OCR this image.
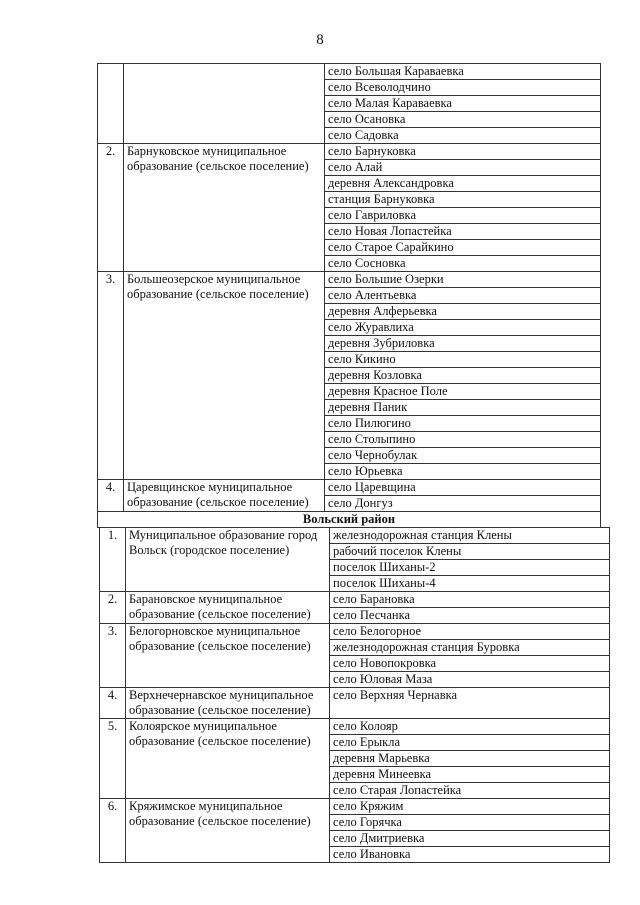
8
		село Большая Караваевка
		село Всеволодчино
		село Малая Караваевка
		село Осановка
		село Садовка
2.	Барнуковское муниципальное образование (сельское поселение)	село Барнуковка
		село Алай
		деревня Александровка
		станция Барнуковка
		село Гавриловка
		село Новая Лопастейка
		село Старое Сарайкино
		село Сосновка
3.	Большеозерское муниципальное образование (сельское поселение)	село Большие Озерки
		село Алентьевка
		деревня Алферьевка
		село Журавлиха
		деревня Зубриловка
		село Кикино
		деревня Козловка
		деревня Красное Поле
		деревня Паник
		село Пилюгино
		село Столыпино
		село Чернобулак
		село Юрьевка
4.	Царевщинское муниципальное образование (сельское поселение)	село Царевщина
		село Донгуз
Вольский район		
1.	Муниципальное образование город Вольск (городское поселение)	железнодорожная станция Клены
		рабочий поселок Клены
		поселок Шиханы-2
		поселок Шиханы-4
2.	Барановское муниципальное образование (сельское поселение)	село Барановка
		село Песчанка
3.	Белогорновское муниципальное образование (сельское поселение)	село Белогорное
		железнодорожная станция Буровка
		село Новопокровка
		село Юловая Маза
4.	Верхнечернавское муниципальное образование (сельское поселение)	село Верхняя Чернавка
5.	Колоярское муниципальное образование (сельское поселение)	село Колояр
		село Ерыкла
		деревня Марьевка
		деревня Минеевка
		село Старая Лопастейка
6.	Кряжимское муниципальное образование (сельское поселение)	село Кряжим
		село Горячка
		село Дмитриевка
		село Ивановка
